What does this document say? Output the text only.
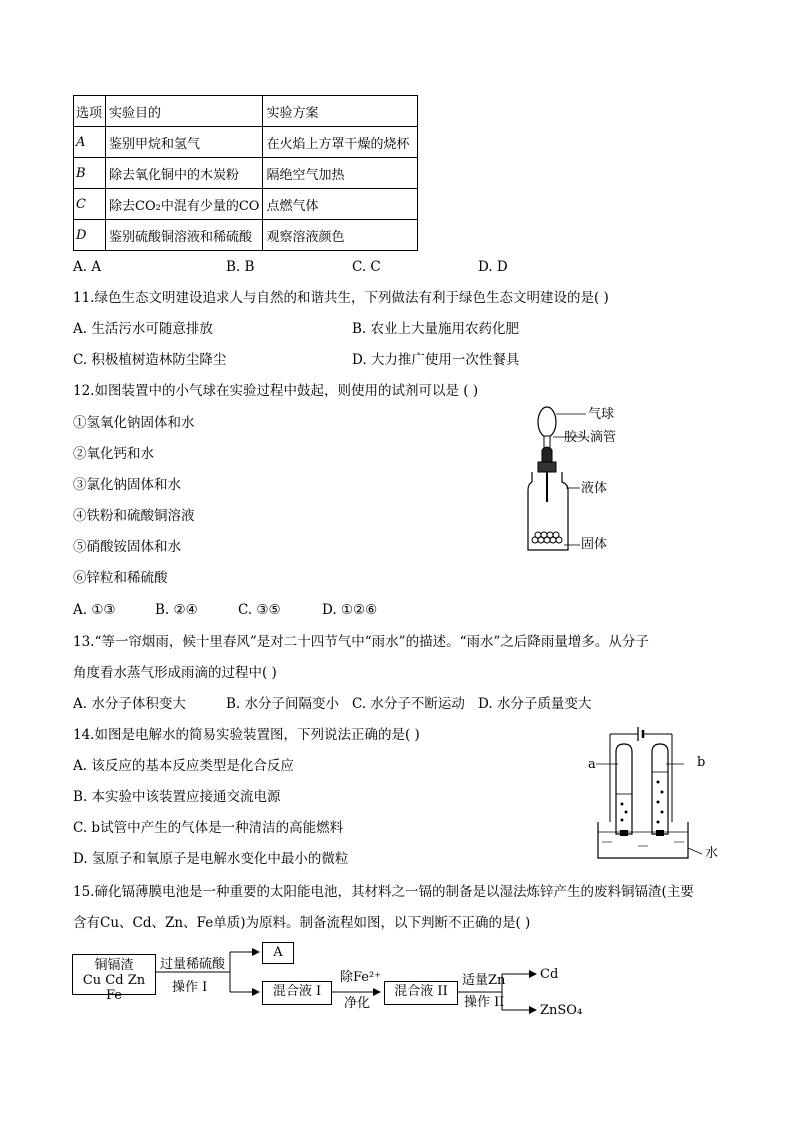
选项	实验目的	实验方案
A	鉴别甲烷和氢气	在火焰上方罩干燥的烧杯
B	除去氧化铜中的木炭粉	隔绝空气加热
C	除去CO₂中混有少量的CO	点燃气体
D	鉴别硫酸铜溶液和稀硫酸	观察溶液颜色
A. A	B. B	C. C	D. D
11.绿色生态文明建设追求人与自然的和谐共生，下列做法有利于绿色生态文明建设的是( )
A. 生活污水可随意排放	B. 农业上大量施用农药化肥
C. 积极植树造林防尘降尘	D. 大力推广使用一次性餐具
12.如图装置中的小气球在实验过程中鼓起，则使用的试剂可以是 ( )
①氢氧化钠固体和水
②氧化钙和水
③氯化钠固体和水
④铁粉和硫酸铜溶液
⑤硝酸铵固体和水
⑥锌粒和稀硫酸
A. ①③	B. ②④	C. ③⑤	D. ①②⑥
气球
胶头滴管
液体
固体
13.“等一帘烟雨，候十里春风”是对二十四节气中“雨水”的描述。“雨水”之后降雨量增多。从分子
角度看水蒸气形成雨滴的过程中( )
A. 水分子体积变大	B. 水分子间隔变小 C. 水分子不断运动 D. 水分子质量变大
14.如图是电解水的简易实验装置图，下列说法正确的是( )
A. 该反应的基本反应类型是化合反应
B. 本实验中该装置应接通交流电源
C. b试管中产生的气体是一种清洁的高能燃料
D. 氢原子和氧原子是电解水变化中最小的微粒
a	b
水
15.碲化镉薄膜电池是一种重要的太阳能电池，其材料之一镉的制备是以湿法炼锌产生的废料铜镉渣(主要
含有Cu、Cd、Zn、Fe单质)为原料。制备流程如图，以下判断不正确的是( )
铜镉渣
Cu Cd Zn Fe
过量稀硫酸
操作 I
A
混合液 I
除Fe²⁺
净化
混合液 II
适量Zn
操作 II
Cd
ZnSO₄
